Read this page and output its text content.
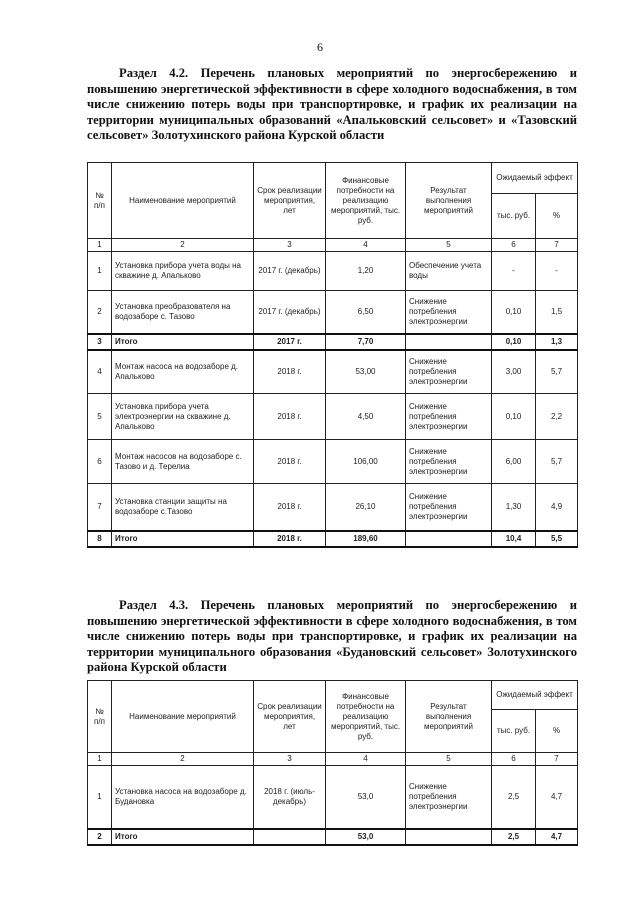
6

Раздел 4.2. Перечень плановых мероприятий по энергосбережению и повышению энергетической эффективности в сфере холодного водоснабжения, в том числе снижению потерь воды при транспортировке, и график их реализации на территории муниципальных образований «Апальковский сельсовет» и «Тазовский сельсовет» Золотухинского района Курской области

№ п/п	Наименование мероприятий	Срок реализации мероприятия, лет	Финансовые потребности на реализацию мероприятий, тыс. руб.	Результат выполнения мероприятий	Ожидаемый эффект	
					тыс. руб.	%
1	2	3	4	5	6	7
1	Установка прибора учета воды на скважине д. Апальково	2017 г. (декабрь)	1,20	Обеспечение учета воды	-	-
2	Установка преобразователя на водозаборе с. Тазово	2017 г. (декабрь)	6,50	Снижение потребления электроэнергии	0,10	1,5
3	Итого	2017 г.	7,70		0,10	1,3
4	Монтаж насоса на водозаборе д. Апальково	2018 г.	53,00	Снижение потребления электроэнергии	3,00	5,7
5	Установка прибора учета электроэнергии на скважине д. Апальково	2018 г.	4,50	Снижение потребления электроэнергии	0,10	2,2
6	Монтаж насосов на водозаборе с. Тазово и д. Терелиа	2018 г.	106,00	Снижение потребления электроэнергии	6,00	5,7
7	Установка станции защиты на водозаборе с.Тазово	2018 г.	26,10	Снижение потребления электроэнергии	1,30	4,9
8	Итого	2018 г.	189,60		10,4	5,5

Раздел 4.3. Перечень плановых мероприятий по энергосбережению и повышению энергетической эффективности в сфере холодного водоснабжения, в том числе снижению потерь воды при транспортировке, и график их реализации на территории муниципального образования «Будановский сельсовет» Золотухинского района Курской области

№ п/п	Наименование мероприятий	Срок реализации мероприятия, лет	Финансовые потребности на реализацию мероприятий, тыс. руб.	Результат выполнения мероприятий	Ожидаемый эффект	
					тыс. руб.	%
1	2	3	4	5	6	7
1	Установка насоса на водозаборе д. Будановка	2018 г. (июль-декабрь)	53,0	Снижение потребления электроэнергии	2,5	4,7
2	Итого		53,0		2,5	4,7
